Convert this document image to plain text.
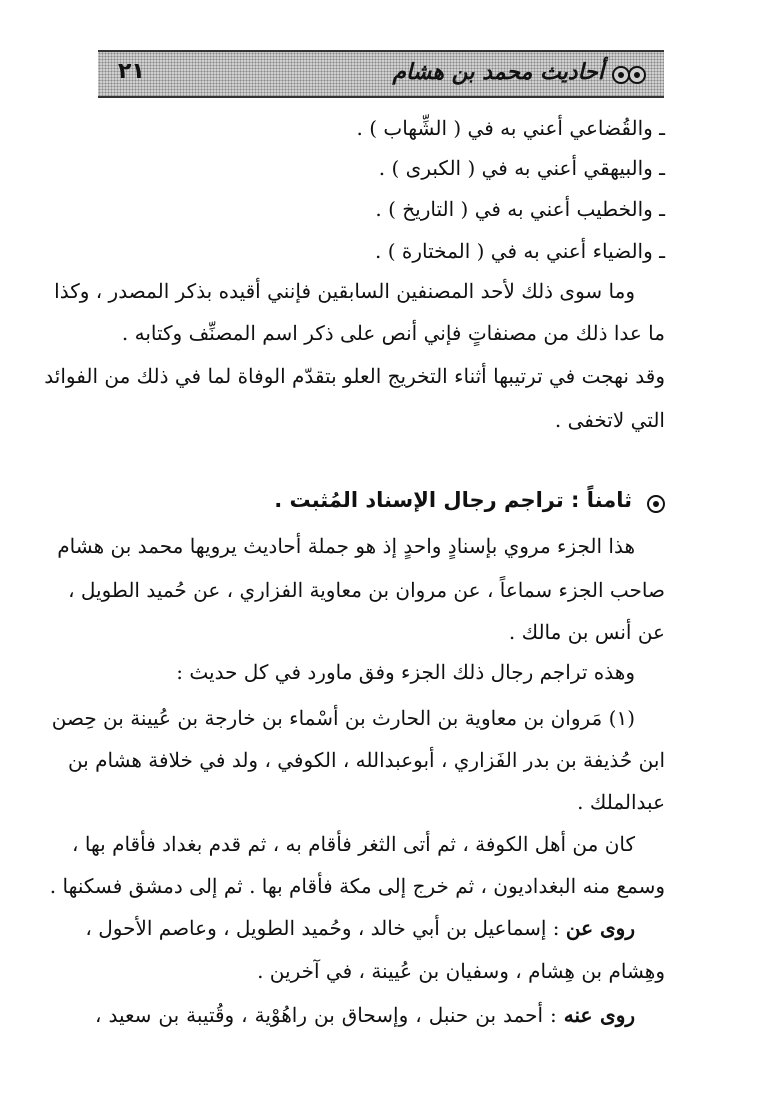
٢١	أحاديث محمد بن هشام
ـ والقُضاعي أعني به في ( الشِّهاب ) .
ـ والبيهقي أعني به في ( الكبرى ) .
ـ والخطيب أعني به في ( التاريخ ) .
ـ والضياء أعني به في ( المختارة ) .
وما سوى ذلك لأحد المصنفين السابقين فإنني أقيده بذكر المصدر ، وكذا
ما عدا ذلك من مصنفاتٍ فإني أنص على ذكر اسم المصنِّف وكتابه .
وقد نهجت في ترتيبها أثناء التخريج العلو بتقدّم الوفاة لما في ذلك من الفوائد
التي لاتخفى .
ثامناً : تراجم رجال الإسناد المُثبت .
هذا الجزء مروي بإسنادٍ واحدٍ إذ هو جملة أحاديث يرويها محمد بن هشام
صاحب الجزء سماعاً ، عن مروان بن معاوية الفزاري ، عن حُميد الطويل ،
عن أنس بن مالك .
وهذه تراجم رجال ذلك الجزء وفق ماورد في كل حديث :
(١) مَروان بن معاوية بن الحارث بن أسْماء بن خارجة بن عُيينة بن حِصن
ابن حُذيفة بن بدر الفَزاري ، أبوعبدالله ، الكوفي ، ولد في خلافة هشام بن
عبدالملك .
كان من أهل الكوفة ، ثم أتى الثغر فأقام به ، ثم قدم بغداد فأقام بها ،
وسمع منه البغداديون ، ثم خرج إلى مكة فأقام بها . ثم إلى دمشق فسكنها .
روى عن : إسماعيل بن أبي خالد ، وحُميد الطويل ، وعاصم الأحول ،
وهِشام بن هِشام ، وسفيان بن عُيينة ، في آخرين .
روى عنه : أحمد بن حنبل ، وإسحاق بن راهُوْية ، وقُتيبة بن سعيد ،
